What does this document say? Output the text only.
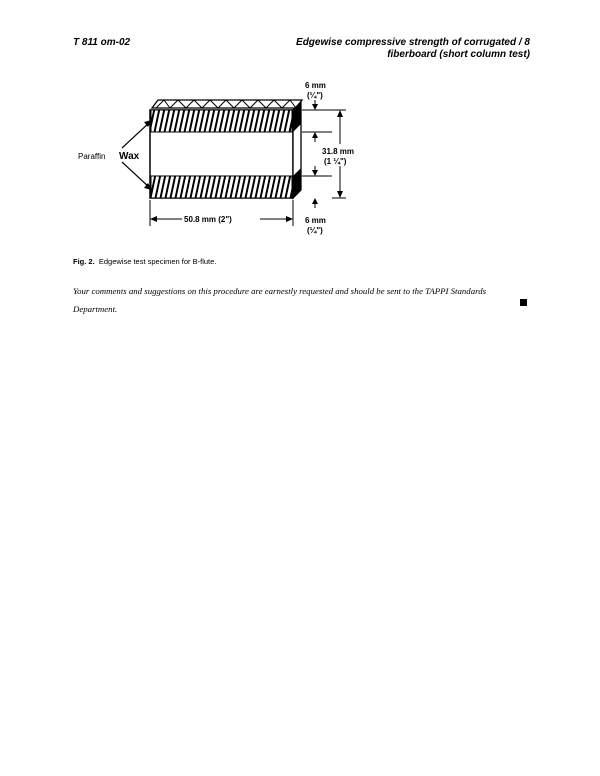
T 811 om-02	Edgewise compressive strength of corrugated / 8
fiberboard (short column test)
Paraffin Wax
6 mm
(¼")
31.8 mm
(1 ¼")
6 mm
(¼")
50.8 mm (2")
Fig. 2. Edgewise test specimen for B-flute.
Your comments and suggestions on this procedure are earnestly requested and should be sent to the TAPPI Standards Department.
